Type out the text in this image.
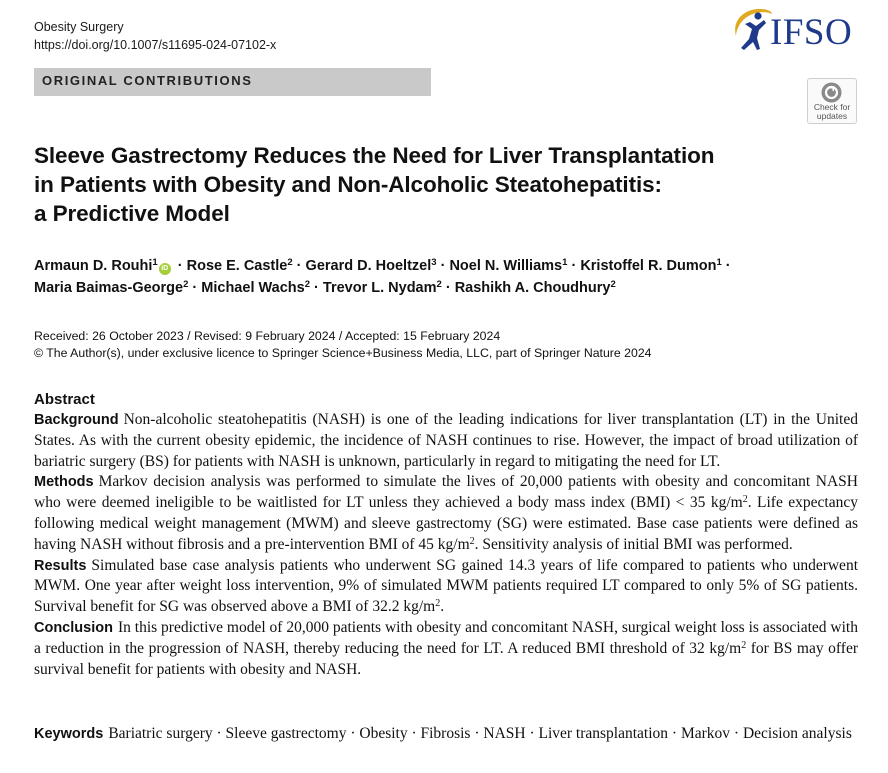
Obesity Surgery
https://doi.org/10.1007/s11695-024-07102-x	IFSO
ORIGINAL CONTRIBUTIONS
Check for
updates
Sleeve Gastrectomy Reduces the Need for Liver Transplantation
in Patients with Obesity and Non-Alcoholic Steatohepatitis:
a Predictive Model
Armaun D. Rouhi$^1$iD · Rose E. Castle$^2$ · Gerard D. Hoeltzel$^3$ · Noel N. Williams$^1$ · Kristoffel R. Dumon$^1$ ·
Maria Baimas-George$^2$ · Michael Wachs$^2$ · Trevor L. Nydam$^2$ · Rashikh A. Choudhury$^2$
Received: 26 October 2023 / Revised: 9 February 2024 / Accepted: 15 February 2024
© The Author(s), under exclusive licence to Springer Science+Business Media, LLC, part of Springer Nature 2024
Abstract
Background Non-alcoholic steatohepatitis (NASH) is one of the leading indications for liver transplantation (LT) in the United States. As with the current obesity epidemic, the incidence of NASH continues to rise. However, the impact of broad utilization of bariatric surgery (BS) for patients with NASH is unknown, particularly in regard to mitigating the need for LT.
Methods Markov decision analysis was performed to simulate the lives of 20,000 patients with obesity and concomitant NASH who were deemed ineligible to be waitlisted for LT unless they achieved a body mass index (BMI) < 35 $kg/m^2$. Life expectancy following medical weight management (MWM) and sleeve gastrectomy (SG) were estimated. Base case patients were defined as having NASH without fibrosis and a pre-intervention BMI of 45 $kg/m^2$. Sensitivity analysis of initial BMI was performed.
Results Simulated base case analysis patients who underwent SG gained 14.3 years of life compared to patients who underwent MWM. One year after weight loss intervention, 9% of simulated MWM patients required LT compared to only 5% of SG patients. Survival benefit for SG was observed above a BMI of 32.2 $kg/m^2$.
Conclusion In this predictive model of 20,000 patients with obesity and concomitant NASH, surgical weight loss is associated with a reduction in the progression of NASH, thereby reducing the need for LT. A reduced BMI threshold of 32 $kg/m^2$ for BS may offer survival benefit for patients with obesity and NASH.
Keywords Bariatric surgery · Sleeve gastrectomy · Obesity · Fibrosis · NASH · Liver transplantation · Markov · Decision analysis
